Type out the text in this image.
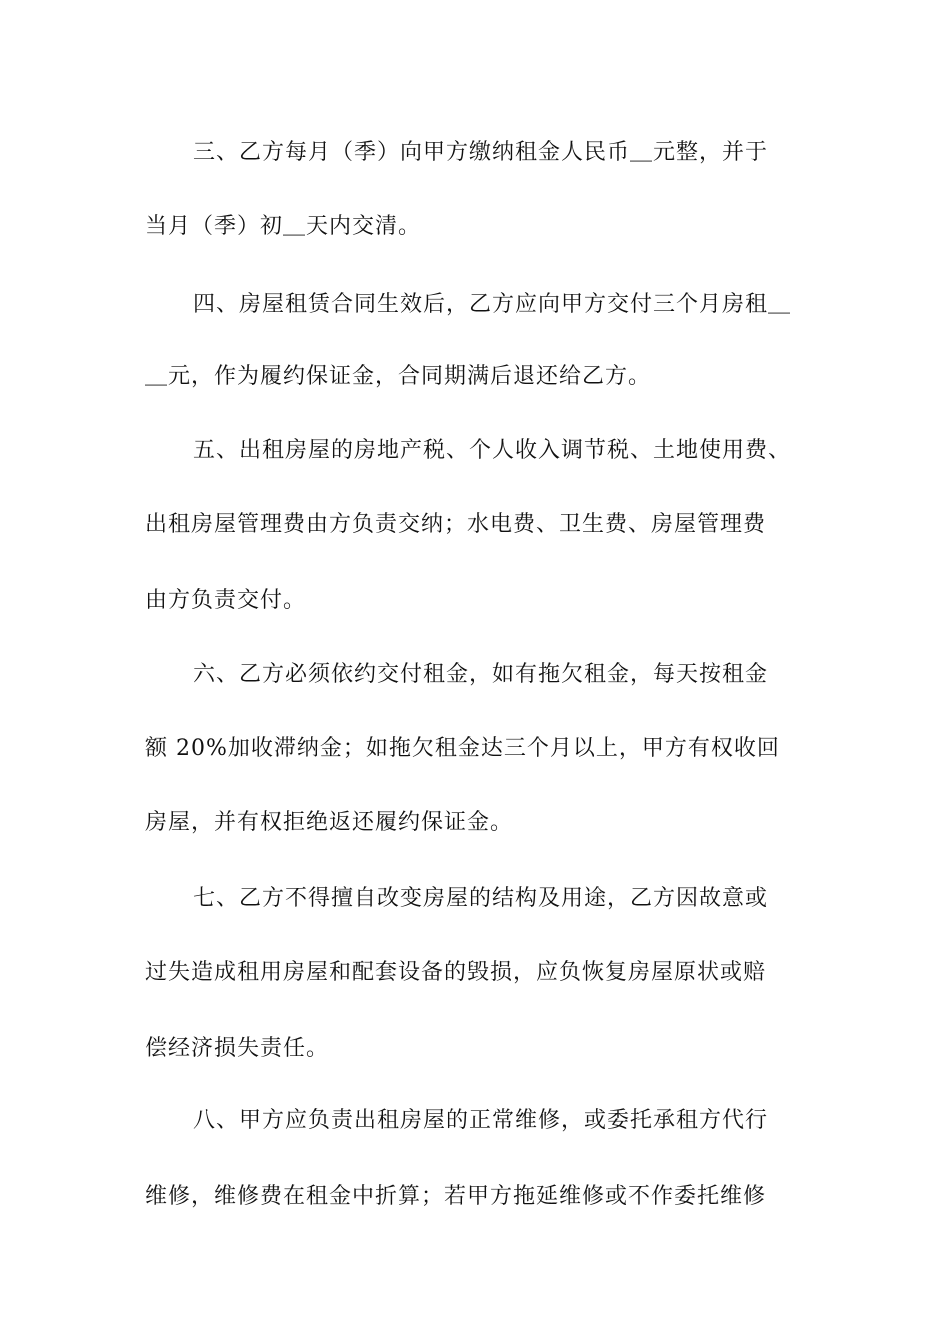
三、乙方每月（季）向甲方缴纳租金人民币＿元整，并于
当月（季）初＿天内交清。
四、房屋租赁合同生效后，乙方应向甲方交付三个月房租＿
＿元，作为履约保证金，合同期满后退还给乙方。
五、出租房屋的房地产税、个人收入调节税、土地使用费、
出租房屋管理费由方负责交纳；水电费、卫生费、房屋管理费
由方负责交付。
六、乙方必须依约交付租金，如有拖欠租金，每天按租金
额 20%加收滞纳金；如拖欠租金达三个月以上，甲方有权收回
房屋，并有权拒绝返还履约保证金。
七、乙方不得擅自改变房屋的结构及用途，乙方因故意或
过失造成租用房屋和配套设备的毁损，应负恢复房屋原状或赔
偿经济损失责任。
八、甲方应负责出租房屋的正常维修，或委托承租方代行
维修，维修费在租金中折算；若甲方拖延维修或不作委托维修
